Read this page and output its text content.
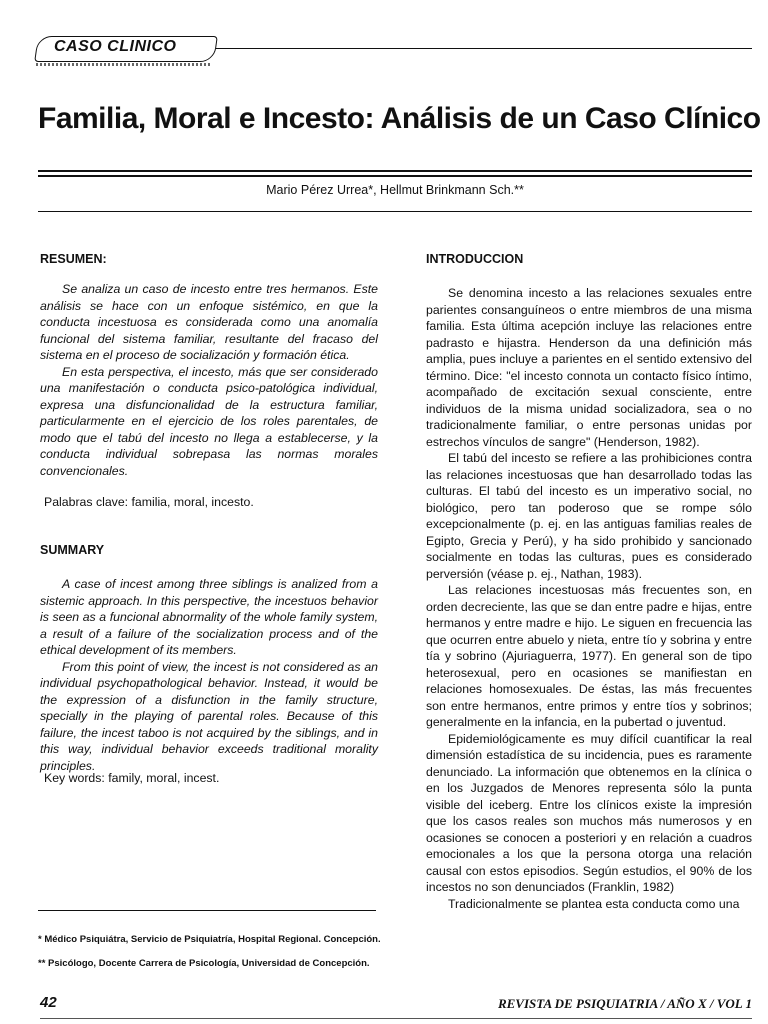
CASO CLINICO
Familia, Moral e Incesto: Análisis de un Caso Clínico
Mario Pérez Urrea*, Hellmut Brinkmann Sch.**
RESUMEN:

Se analiza un caso de incesto entre tres hermanos. Este análisis se hace con un enfoque sistémico, en que la conducta incestuosa es considerada como una anomalía funcional del sistema familiar, resultante del fracaso del sistema en el proceso de socialización y formación ética.

En esta perspectiva, el incesto, más que ser considerado una manifestación o conducta psico-patológica individual, expresa una disfuncionalidad de la estructura familiar, particularmente en el ejercicio de los roles parentales, de modo que el tabú del incesto no llega a establecerse, y la conducta individual sobrepasa las normas morales convencionales.

Palabras clave: familia, moral, incesto.
SUMMARY

A case of incest among three siblings is analized from a sistemic approach. In this perspective, the incestuos behavior is seen as a funcional abnormality of the whole family system, a result of a failure of the socialization process and of the ethical development of its members.

From this point of view, the incest is not considered as an individual psychopathological behavior. Instead, it would be the expression of a disfunction in the family structure, specially in the playing of parental roles. Because of this failure, the incest taboo is not acquired by the siblings, and in this way, individual behavior exceeds traditional morality principles.

Key words: family, moral, incest.
* Médico Psiquiátra, Servicio de Psiquiatría, Hospital Regional. Concepción.
** Psicólogo, Docente Carrera de Psicología, Universidad de Concepción.
INTRODUCCION

Se denomina incesto a las relaciones sexuales entre parientes consanguíneos o entre miembros de una misma familia. Esta última acepción incluye las relaciones entre padrasto e hijastra. Henderson da una definición más amplia, pues incluye a parientes en el sentido extensivo del término. Dice: "el incesto connota un contacto físico íntimo, acompañado de excitación sexual consciente, entre individuos de la misma unidad socializadora, sea o no tradicionalmente familiar, o entre personas unidas por estrechos vínculos de sangre" (Henderson, 1982).

El tabú del incesto se refiere a las prohibiciones contra las relaciones incestuosas que han desarrollado todas las culturas. El tabú del incesto es un imperativo social, no biológico, pero tan poderoso que se rompe sólo excepcionalmente (p. ej. en las antiguas familias reales de Egipto, Grecia y Perú), y ha sido prohibido y sancionado socialmente en todas las culturas, pues es considerado perversión (véase p. ej., Nathan, 1983).

Las relaciones incestuosas más frecuentes son, en orden decreciente, las que se dan entre padre e hijas, entre hermanos y entre madre e hijo. Le siguen en frecuencia las que ocurren entre abuelo y nieta, entre tío y sobrina y entre tía y sobrino (Ajuriaguerra, 1977). En general son de tipo heterosexual, pero en ocasiones se manifiestan en relaciones homosexuales. De éstas, las más frecuentes son entre hermanos, entre primos y entre tíos y sobrinos; generalmente en la infancia, en la pubertad o juventud.

Epidemiológicamente es muy difícil cuantificar la real dimensión estadística de su incidencia, pues es raramente denunciado. La información que obtenemos en la clínica o en los Juzgados de Menores representa sólo la punta visible del iceberg. Entre los clínicos existe la impresión que los casos reales son muchos más numerosos y en ocasiones se conocen a posteriori y en relación a cuadros emocionales a los que la persona otorga una relación causal con estos episodios. Según estudios, el 90% de los incestos no son denunciados (Franklin, 1982)

Tradicionalmente se plantea esta conducta como una

42	REVISTA DE PSIQUIATRIA / AÑO X / VOL 1
